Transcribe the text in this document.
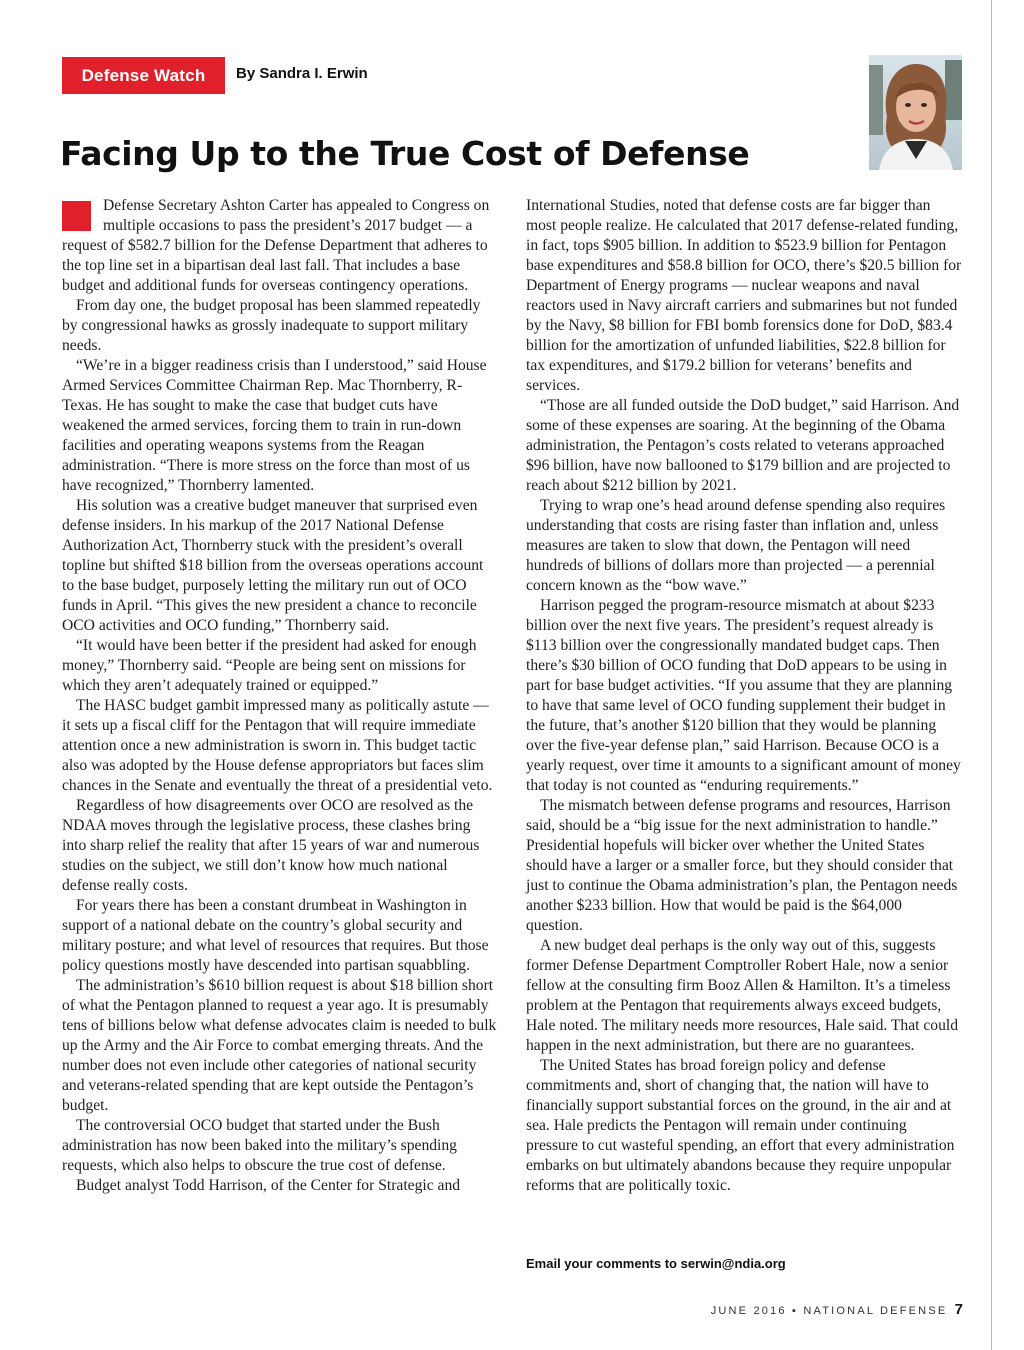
Defense Watch	By Sandra I. Erwin
Facing Up to the True Cost of Defense

Defense Secretary Ashton Carter has appealed to Congress on multiple occasions to pass the president’s 2017 budget — a request of $582.7 billion for the Defense Department that adheres to the top line set in a bipartisan deal last fall. That includes a base budget and additional funds for overseas contingency operations.

From day one, the budget proposal has been slammed repeatedly by congressional hawks as grossly inadequate to support military needs.

“We’re in a bigger readiness crisis than I understood,” said House Armed Services Committee Chairman Rep. Mac Thornberry, R-Texas. He has sought to make the case that budget cuts have weakened the armed services, forcing them to train in run-down facilities and operating weapons systems from the Reagan administration. “There is more stress on the force than most of us have recognized,” Thornberry lamented.

His solution was a creative budget maneuver that surprised even defense insiders. In his markup of the 2017 National Defense Authorization Act, Thornberry stuck with the president’s overall topline but shifted $18 billion from the overseas operations account to the base budget, purposely letting the military run out of OCO funds in April. “This gives the new president a chance to reconcile OCO activities and OCO funding,” Thornberry said.

“It would have been better if the president had asked for enough money,” Thornberry said. “People are being sent on missions for which they aren’t adequately trained or equipped.”

The HASC budget gambit impressed many as politically astute — it sets up a fiscal cliff for the Pentagon that will require immediate attention once a new administration is sworn in. This budget tactic also was adopted by the House defense appropriators but faces slim chances in the Senate and eventually the threat of a presidential veto.

Regardless of how disagreements over OCO are resolved as the NDAA moves through the legislative process, these clashes bring into sharp relief the reality that after 15 years of war and numerous studies on the subject, we still don’t know how much national defense really costs.

For years there has been a constant drumbeat in Washington in support of a national debate on the country’s global security and military posture; and what level of resources that requires. But those policy questions mostly have descended into partisan squabbling.

The administration’s $610 billion request is about $18 billion short of what the Pentagon planned to request a year ago. It is presumably tens of billions below what defense advocates claim is needed to bulk up the Army and the Air Force to combat emerging threats. And the number does not even include other categories of national security and veterans-related spending that are kept outside the Pentagon’s budget.

The controversial OCO budget that started under the Bush administration has now been baked into the military’s spending requests, which also helps to obscure the true cost of defense.

Budget analyst Todd Harrison, of the Center for Strategic and

International Studies, noted that defense costs are far bigger than most people realize. He calculated that 2017 defense-related funding, in fact, tops $905 billion. In addition to $523.9 billion for Pentagon base expenditures and $58.8 billion for OCO, there’s $20.5 billion for Department of Energy programs — nuclear weapons and naval reactors used in Navy aircraft carriers and submarines but not funded by the Navy, $8 billion for FBI bomb forensics done for DoD, $83.4 billion for the amortization of unfunded liabilities, $22.8 billion for tax expenditures, and $179.2 billion for veterans’ benefits and services.

“Those are all funded outside the DoD budget,” said Harrison. And some of these expenses are soaring. At the beginning of the Obama administration, the Pentagon’s costs related to veterans approached $96 billion, have now ballooned to $179 billion and are projected to reach about $212 billion by 2021.

Trying to wrap one’s head around defense spending also requires understanding that costs are rising faster than inflation and, unless measures are taken to slow that down, the Pentagon will need hundreds of billions of dollars more than projected — a perennial concern known as the “bow wave.”

Harrison pegged the program-resource mismatch at about $233 billion over the next five years. The president’s request already is $113 billion over the congressionally mandated budget caps. Then there’s $30 billion of OCO funding that DoD appears to be using in part for base budget activities. “If you assume that they are planning to have that same level of OCO funding supplement their budget in the future, that’s another $120 billion that they would be planning over the five-year defense plan,” said Harrison. Because OCO is a yearly request, over time it amounts to a significant amount of money that today is not counted as “enduring requirements.”

The mismatch between defense programs and resources, Harrison said, should be a “big issue for the next administration to handle.” Presidential hopefuls will bicker over whether the United States should have a larger or a smaller force, but they should consider that just to continue the Obama administration’s plan, the Pentagon needs another $233 billion. How that would be paid is the $64,000 question.

A new budget deal perhaps is the only way out of this, suggests former Defense Department Comptroller Robert Hale, now a senior fellow at the consulting firm Booz Allen & Hamilton. It’s a timeless problem at the Pentagon that requirements always exceed budgets, Hale noted. The military needs more resources, Hale said. That could happen in the next administration, but there are no guarantees.

The United States has broad foreign policy and defense commitments and, short of changing that, the nation will have to financially support substantial forces on the ground, in the air and at sea. Hale predicts the Pentagon will remain under continuing pressure to cut wasteful spending, an effort that every administration embarks on but ultimately abandons because they require unpopular reforms that are politically toxic.

Email your comments to serwin@ndia.org
JUNE 2016 ▪ NATIONAL DEFENSE 7
